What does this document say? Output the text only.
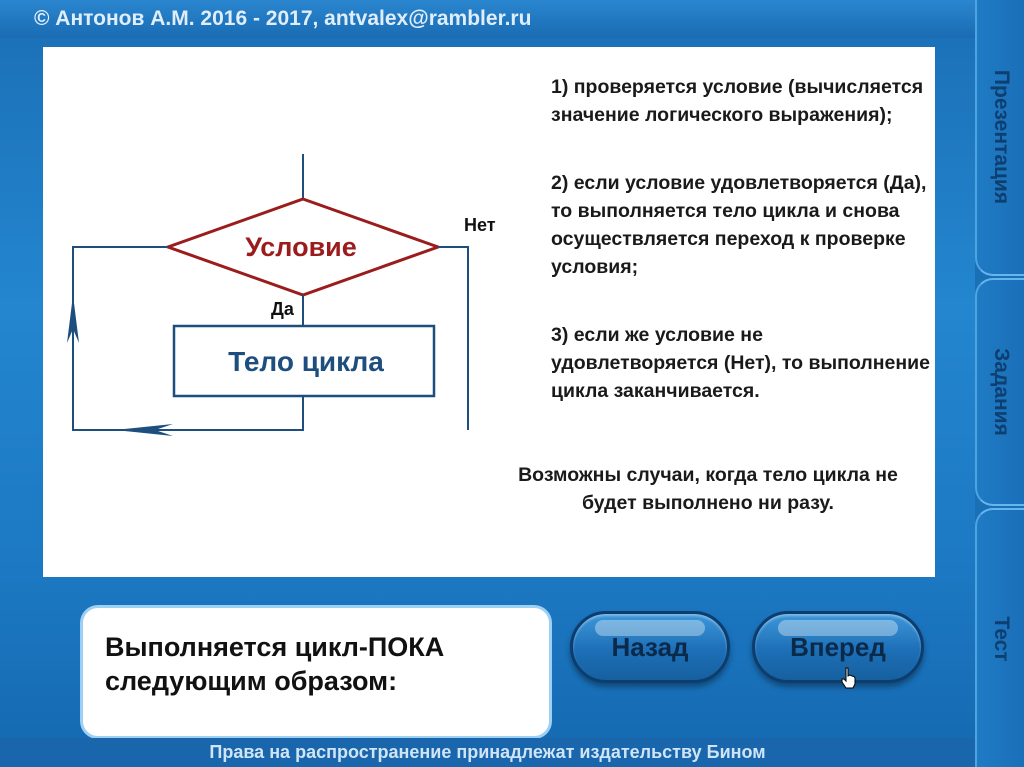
© Антонов А.М. 2016 - 2017, antvalex@rambler.ru
Презентация
Задания
Тест
Условие
Да
Тело цикла
Нет
1) проверяется условие (вычисляется значение логического выражения);
2) если условие удовлетворяется (Да), то выполняется тело цикла и снова осуществляется переход к проверке условия;
3) если же условие не удовлетворяется (Нет), то выполнение цикла заканчивается.
Возможны случаи, когда тело цикла не будет выполнено ни разу.
Выполняется цикл-ПОКА следующим образом:
Назад	Вперед
Права на распространение принадлежат издательству Бином
